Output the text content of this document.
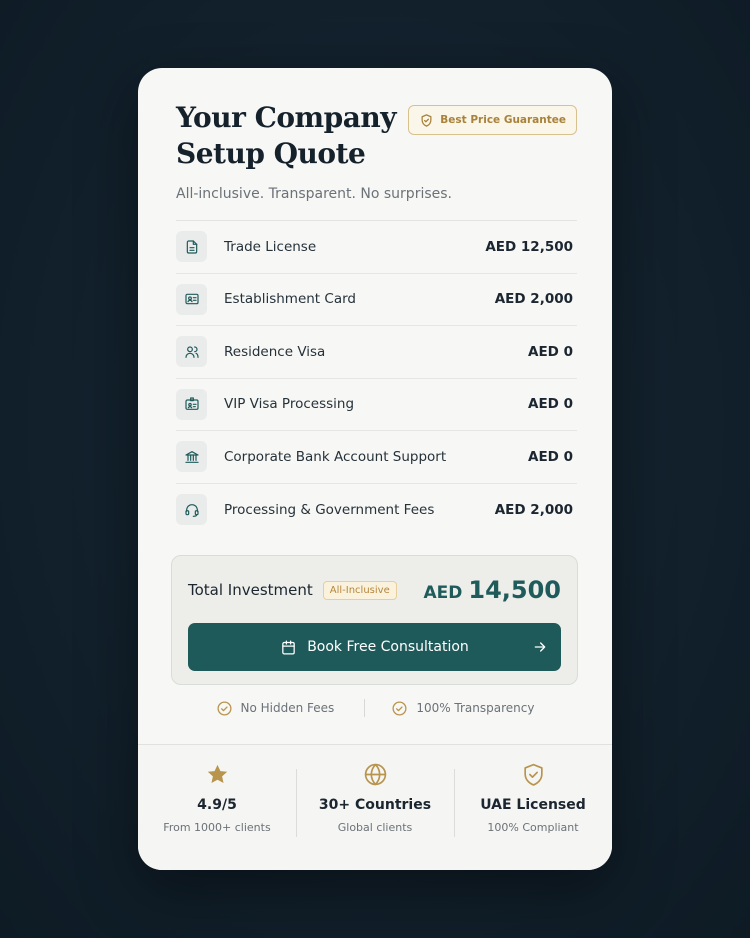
Your Company Setup Quote
Best Price Guarantee

All-inclusive. Transparent. No surprises.

Trade License	AED 12,500
Establishment Card	AED 2,000
Residence Visa	AED 0
VIP Visa Processing	AED 0
Corporate Bank Account Support	AED 0
Processing & Government Fees	AED 2,000
Total Investment	All-Inclusive	AED 14,500
Book Free Consultation
No Hidden Fees	100% Transparency
4.9/5
From 1000+ clients
30+ Countries
Global clients
UAE Licensed
100% Compliant
